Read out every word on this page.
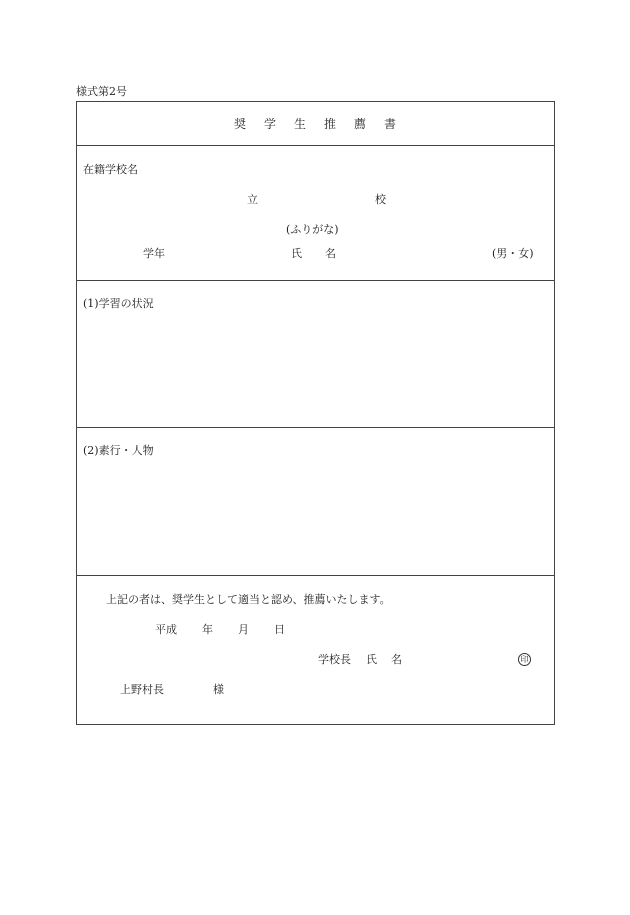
様式第2号
奨 学 生 推 薦 書
在籍学校名
立	校
(ふりがな)
学年	氏 名	(男・女)
(1)学習の状況
(2)素行・人物
上記の者は、奨学生として適当と認め、推薦いたします。
平成 年 月 日
学校長 氏 名	印
上野村長	様
